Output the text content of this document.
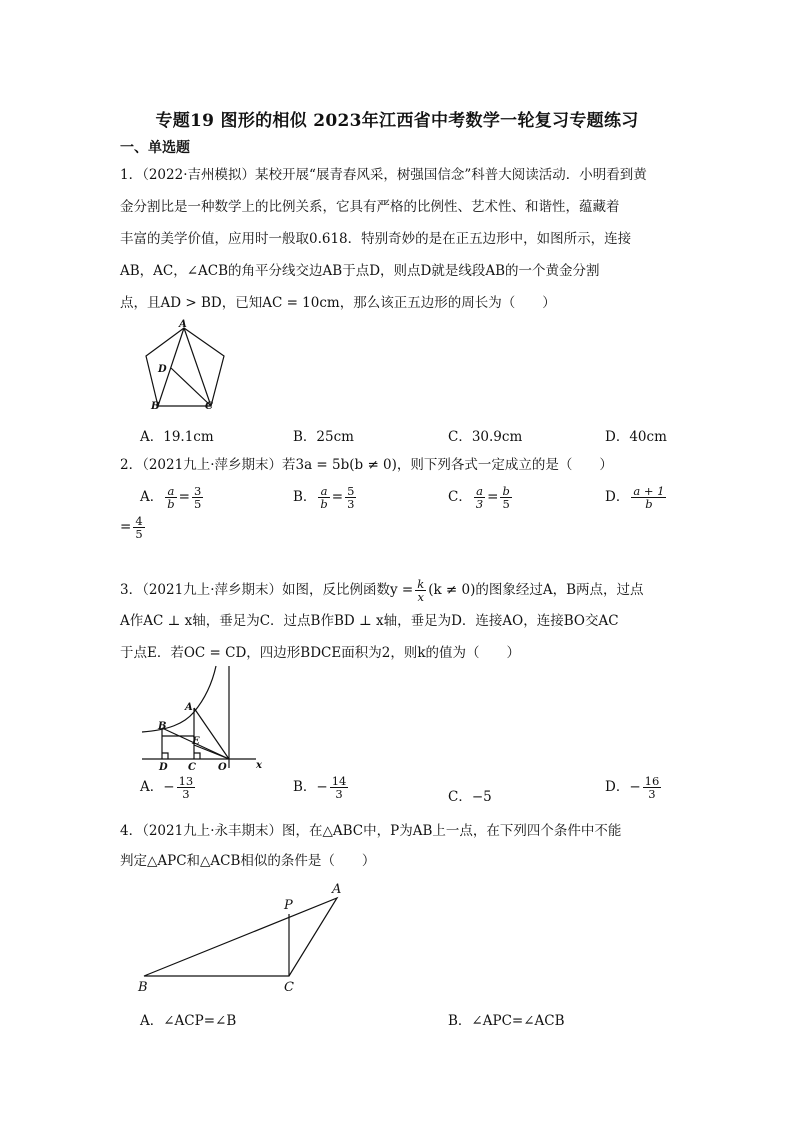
专题19 图形的相似 2023年江西省中考数学一轮复习专题练习
一、单选题
1．（2022·吉州模拟）某校开展“展青春风采，树强国信念”科普大阅读活动．小明看到黄
金分割比是一种数学上的比例关系，它具有严格的比例性、艺术性、和谐性，蕴藏着
丰富的美学价值，应用时一般取0.618．特别奇妙的是在正五边形中，如图所示，连接
AB，AC，∠ACB的角平分线交边AB于点D，则点D就是线段AB的一个黄金分割
点，且AD > BD，已知AC = 10cm，那么该正五边形的周长为（　　）
A
D
B	C
A．19.1cm	B．25cm	C．30.9cm	D．40cm
2．（2021九上·萍乡期末）若3a = 5b(b ≠ 0)，则下列各式一定成立的是（　　）
A． $\frac{a}{b} = \frac{3}{5}$	B． $\frac{a}{b} = \frac{5}{3}$	C． $\frac{a}{3} = \frac{b}{5}$	D． $\frac{a + 1}{b}$
= $\frac{4}{5}$
3．（2021九上·萍乡期末）如图，反比例函数$y = \frac{k}{x} (k \ne 0)$的图象经过A，B两点，过点
A作AC ⊥ x轴，垂足为C．过点B作BD ⊥ x轴，垂足为D．连接AO，连接BO交AC
于点E．若OC = CD，四边形BDCE面积为2，则k的值为（　　）
A
B
E
D C O	x
A．− $\frac{13}{3}$	B．− $\frac{14}{3}$	C．−5
D．− $\frac{16}{3}$
4．（2021九上·永丰期末）图，在△ABC中，P为AB上一点，在下列四个条件中不能
判定△APC和△ACB相似的条件是（　　）
A
P
B	C
A．∠ACP=∠B	B．∠APC=∠ACB
